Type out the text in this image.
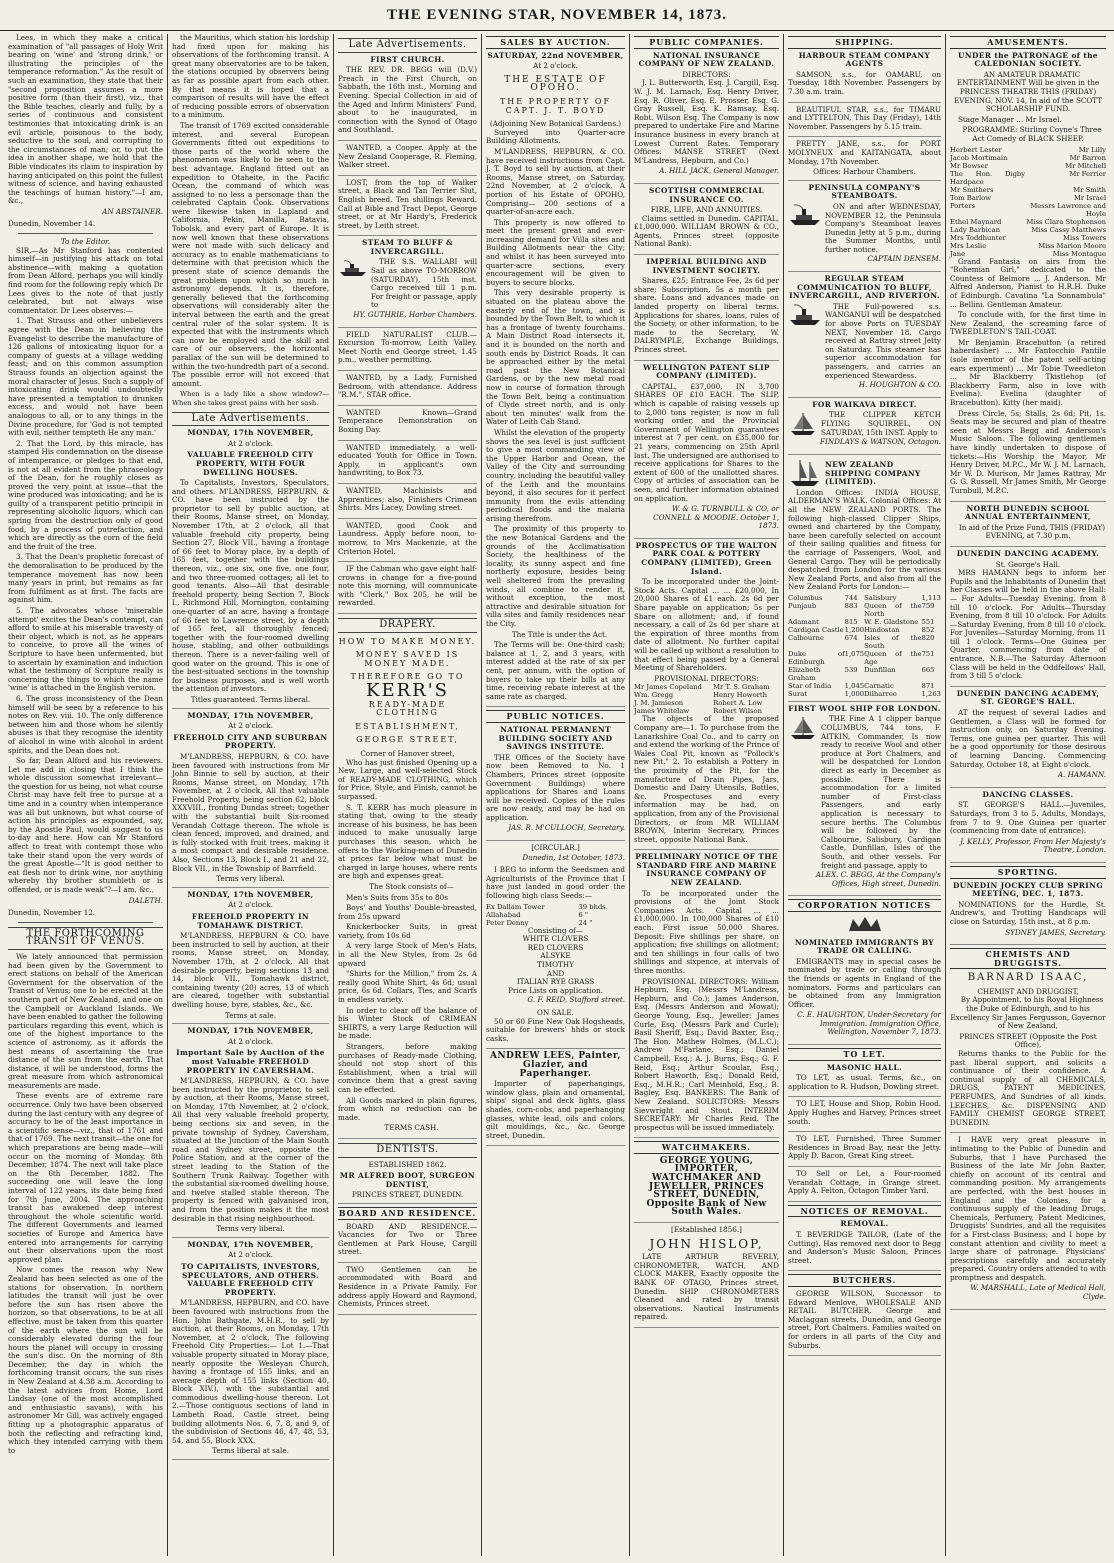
THE EVENING STAR, NOVEMBER 14, 1873.

Lees, in which they make a critical examination of "all passages of Holy Writ bearing on 'wine' and 'strong drink,' or illustrating the principles of the temperance reformation." As the result of such an examination, they state that their "second proposition assumes a more positive form (than their first), viz., that the Bible teaches, clearly and fully, by a series of continuous and consistent testimonies that intoxicating drink is an evil article, poisonous to the body, seductive to the soul, and corrupting to the circumstances of man; or, to put the idea in another shape, we hold that the Bible vindicates its claim to inspiration by having anticipated on this point the fullest witness of science, and having exhausted the teachings of human history."—I am, &c.,

AN ABSTAINER.
Dunedin, November 14.
To the Editor.

SIR,—As Mr Stanford has contented himself—in justifying his attack on total abstinence—with making a quotation from Dean Alford, perhaps you will kindly find room for the following reply which Dr Lees gives to the note of that justly celebrated, but not always wise commentator. Dr Lees observes:—

1. That Strauss and other unbelievers agree with the Dean in believing the Evangelist to describe the manufacture of 126 gallons of intoxicating liquor for a company of guests at a village wedding feast; and on this common assumption Strauss founds an objection against the moral character of Jesus. Such a supply of intoxicating drink would undoubtedly have presented a temptation to drunken excess, and would not have been analogous to all, or to any things in the Divine procedure, for 'God is not tempted with evil, neither tempteth He any man.'

2. That the Lord, by this miracle, has stamped His condemnation on the disease of intemperance, or pledges to that end, is not at all evident from the phraseology of the Dean, for he roughly closes as proved the very point at issue—that the wine produced was intoxicating; and he is guilty of a transparent petitio principii in representing alcoholic liquors, which can spring from the destruction only of good food, by a process of putrefaction, and which are directly as the corn of the field and the fruit of the tree.

3. That the Dean's prophetic forecast of the demoralisation to be produced by the temperance movement has now been many years in print, but remains as far from fulfilment as at first. The facts are against him.

5. The advocates whose 'miserable attempt' excites the Dean's contempt, can afford to smile at his miserable travesty of their object, which is not, as he appears to conceive, to prove all the wines of Scripture to have been unfermented, but to ascertain by examination and induction what the testimony of Scripture really is concerning the things to which the name 'wine' is attached in the English version.

6. The gross inconsistency of the Dean himself will be seen by a reference to his notes on Rev. viii. 10. The only difference between him and those whom he silently abuses is that they recognise the identity of alcohol in wine with alcohol in ardent spirits, and the Dean does not.

So far, Dean Alford and his reviewers. Let me add in closing that I think the whole discussion somewhat irrelevant—the question for us being, not what course Christ may have felt free to pursue at a time and in a country when intemperance was all but unknown, but what course of action his principles as expounded, say, by the Apostle Paul, would suggest to us to-day and here. How can Mr Stanford affect to treat with contempt those who take their stand upon the very words of the great Apostle—"It is good neither to eat flesh nor to drink wine, nor anything whereby thy brother stumbleth or is offended, or is made weak"?—I am, &c.,

DALETH.
Dunedin, November 12.
THE FORTHCOMING TRANSIT OF VENUS.

We lately announced that permission had been given by the Government to erect stations on behalf of the American Government for the observation of the Transit of Venus; one to be erected at the southern part of New Zealand, and one on the Campbell or Auckland Islands. We have been enabled to gather the following particulars regarding this event, which is one of the highest importance to the science of astronomy, as it affords the best means of ascertaining the true distance of the sun from the earth. That distance, it will be understood, forms the great measure from which astronomical measurements are made.

These events are of extreme rare occurrence. Only two have been observed during the last century with any degree of accuracy to be of the least importance in a scientific sense—viz., that of 1761 and that of 1769. The next transit—the one for which preparations are being made—will occur on the morning of Monday, 8th December, 1874. The next will take place on the 6th December, 1882. The succeeding one will leave the long interval of 122 years, its date being fixed for 7th June, 2004. The approaching transit has awakened deep interest throughout the whole scientific world. The different Governments and learned societies of Europe and America have entered into arrangements for carrying out their observations upon the most approved plan.

Now comes the reason why New Zealand has been selected as one of the stations for observation. In northern latitudes the transit will just be over before the sun has risen above the horizon, so that observations, to be at all effective, must be taken from this quarter of the earth where the sun will be considerably elevated during the four hours the planet will occupy in crossing the sun's disc. On the morning of 8th December, the day in which the forthcoming transit occurs, the sun rises in New Zealand at 4.38 a.m. According to the latest advices from Home, Lord Lindsay (one of the most accomplished and enthusiastic savans), with his astronomer Mr Gill, was actively engaged fitting up a photographic apparatus of both the reflecting and refracting kind, which they intended carrying with them to

the Mauritius, which station his lordship had fixed upon for making his observations of the forthcoming transit. A great many observatories are to be taken, the stations occupied by observers being as far as possible apart from each other. By that means it is hoped that a comparison of results will have the effect of reducing possible errors of observation to a minimum.

The transit of 1769 excited considerable interest, and several European Governments fitted out expeditions to those parts of the world where the phenomenon was likely to be seen to the best advantage. England fitted out an expedition to Otaheite, in the Pacific Ocean, the command of which was assigned to no less a personage than the celebrated Captain Cook. Observations were likewise taken in Lapland and California, Pekin, Manilla, Batavia, Tobolsk, and every part of Europe. It is now well known that these observations were not made with such delicacy and accuracy as to enable mathematicians to determine with that precision which the present state of science demands the great problem upon which so much in astronomy depends. It is, therefore, generally believed that the forthcoming observations will considerably alter the interval between the earth and the great central ruler of the solar system. It is expected that with the instruments which can now be employed and the skill and care of our observers, the horizontal parallax of the sun will be determined to within the two-hundredth part of a second. The possible error will not exceed that amount.

When is a lady like a show window?—When she takes great pains with her sash.

Late Advertisements.
MONDAY, 17th NOVEMBER,
At 2 o'clock.
VALUABLE FREEHOLD CITY PROPERTY, WITH FOUR DWELLING HOUSES.

To Capitalists, Investors, Speculators, and others. M'LANDRESS, HEPBURN, & CO. have been instructed by the proprietor to sell by public auction, at their Rooms, Manse street, on Monday, November 17th, at 2 o'clock, all that valuable freehold city property, being Section 27, Block VII., having a frontage of 66 feet to Moray place, by a depth of 165 feet, together with the buildings thereon, viz., one six, one five, one four, and two three-roomed cottages; all let to good tenants. Also—All that desirable freehold property, being Section 7, Block I., Richmond Hill, Mornington, containing one-quarter of an acre, having a frontage of 66 feet to Lawrence street, by a depth of 165 feet, all thoroughly fenced; together with the four-roomed dwelling house, stabling, and other outbuildings thereon. There is a never-failing well of good water on the ground. This is one of the best-situated sections in the township for business purposes, and is well worth the attention of investors.

Titles guaranteed. Terms liberal.
MONDAY, 17th NOVEMBER,
At 2 o'clock.
FREEHOLD CITY AND SUBURBAN PROPERTY.

M'LANDRESS, HEPBURN, & CO. have been favoured with instructions from Mr John Binnie to sell by auction, at their Rooms, Manse street, on Monday, 17th November, at 2 o'clock, All that valuable Freehold Property, being section 62, block XXXVIII., fronting Dundas street; together with the substantial built Six-roomed Verandah Cottage thereon. The whole is clean fenced, improved, and drained, and is fully stocked with fruit trees, making it a most compact and desirable residence. Also, Sections 13, Block I., and 21 and 22, Block VII., in the Township of Barrfield.

Terms very liberal.
MONDAY, 17th NOVEMBER,
At 2 o'clock.
FREEHOLD PROPERTY IN TOMAHAWK DISTRICT.

M'LANDRESS, HEPBURN & CO. have been instructed to sell by auction, at their rooms, Manse street, on Monday, November 17th, at 2 o'clock, All that desirable property, being sections 13 and 14, block VII., Tomahawk district, containing twenty (20) acres, 13 of which are cleared, together with substantial dwelling house, byre, stables, &c., &c.

Terms at sale.
MONDAY, 17th NOVEMBER,
At 2 o'clock.
Important Sale by Auction of the most Valuable FREEHOLD PROPERTY IN CAVERSHAM.

M'LANDRESS, HEPBURN, & CO. have been instructed by the proprietor, to sell by auction, at their Rooms, Manse street, on Monday, 17th November, at 2 o'clock, All that very valuable freehold property, being sections six and seven, in the private township of Sydney, Caversham, situated at the Junction of the Main South road and Sydney street, opposite the Police Station, and at the corner of the street leading to the Station of the Southern Trunk Railway. Together with the substantial six-roomed dwelling house, and twelve stalled stable thereon. The property is fenced with galvanised iron, and from the position makes it the most desirable in that rising neighbourhood.

Terms very liberal.
MONDAY, 17th NOVEMBER,
At 2 o'clock.
TO CAPITALISTS, INVESTORS, SPECULATORS, AND OTHERS. VALUABLE FREEHOLD CITY PROPERTY.

M'LANDRESS, HEPBURN, and CO. have been favoured with instructions from the Hon. John Bathgate, M.H.R., to sell by auction, at their Rooms, on Monday, 17th November, at 2 o'clock, The following Freehold City Properties:— Lot 1.—That valuable property situated in Moray place, nearly opposite the Wesleyan Church, having a frontage of 155 links, and an average depth of 155 links (Section 40, Block XIV.), with the substantial and commodious dwelling-house thereon. Lot 2.—Those contiguous sections of land in Lambeth Road, Castle street, being building allotments Nos. 6, 7, 8, and 9, of the subdivision of Sections 46, 47, 48, 53, 54, and 55, Block XXX.

Terms liberal at sale.
Late Advertisements.
FIRST CHURCH.

THE REV. DR. BEGG will (D.V.) Preach in the First Church, on Sabbath, the 16th inst., Morning and Evening. Special Collection in aid of the Aged and Infirm Ministers' Fund, about to be inaugurated, in connection with the Synod of Otago and Southland.

WANTED, a Cooper. Apply at the New Zealand Cooperage, R. Fleming, Walker street.

LOST, from the top of Walker street, a Black and Tan Terrier Slut, English breed. Ten shillings Reward. Call at Bible and Tract Depot, George street, or at Mr Hardy's, Frederick street, by Leith street.

STEAM TO BLUFF & INVERCARGILL.

THE S.S. WALLABI will Sail as above TO-MORROW (SATURDAY), 15th inst. Cargo received till 1 p.m. For freight or passage, apply to

HY. GUTHRIE, Harbor Chambers.

FIELD NATURALIST CLUB.—Excursion To-morrow, Leith Valley. Meet North end George street, 1.45 p.m., weather permitting.

WANTED, by a Lady, Furnished Bedroom, with attendance. Address "R.M.", STAR office.

WANTED Known—Grand Temperance Demonstration on Boxing Day.

WANTED immediately, a well-educated Youth for Office in Town. Apply, in applicant's own handwriting, to Box 73.

WANTED, Machinists and Apprentices; also, Finishers Crimean Shirts. Mrs Lacey, Dowling street.

WANTED, good Cook and Laundress. Apply before noon, to-morrow, to Mrs Mackenzie, at the Criterion Hotel.

IF the Cabman who gave eight half-crowns in change for a five-pound note this morning, will communicate with "Clerk," Box 205, he will be rewarded.

DRAPERY.
HOW TO MAKE MONEY.
MONEY SAVED IS MONEY MADE.
THEREFORE GO TO
KERR'S
READY-MADE CLOTHING
ESTABLISHMENT,
GEORGE STREET,
Corner of Hanover street,

Who has just finished Opening up a New, Large, and well-selected Stock of READY-MADE CLOTHING, which for Price, Style, and Finish, cannot be surpassed.

S. T. KERR has much pleasure in stating that, owing to the steady increase of his business, he has been induced to make unusually large purchases this season, which he offers to the Working-men of Dunedin at prices far below what must be charged in large houses, where rents are high and expenses great.

The Stock consists of—

Men's Suits from 35s to 80s

Boys' and Youths' Double-breasted, from 25s upward

Knickerbocker Suits, in great variety, from 10s 6d

A very large Stock of Men's Hats, in all the New Styles, from 2s 6d upward

"Shirts for the Million," from 2s. A really good White Shirt, 4s 6d; usual price, 6s 6d. Collars, Ties, and Scarfs in endless variety.

In order to clear off the balance of his Winter Stock of CRIMEAN SHIRTS, a very Large Reduction will be made.

Strangers, before making purchases of Ready-made Clothing, should not stop short of this Establishment, when a trial will convince them that a great saving can be effected.

All Goods marked in plain figures, from which no reduction can be made.

TERMS CASH.

DENTISTS.
ESTABLISHED 1862.
MR ALFRED BOOT, SURGEON DENTIST,
PRINCES STREET, DUNEDIN.
BOARD AND RESIDENCE.

BOARD AND RESIDENCE.—Vacancies for Two or Three Gentlemen at Park House, Cargill street.

TWO Gentlemen can be accommodated with Board and Residence in a Private Family. For address apply Howard and Raymond, Chemists, Princes street.

SALES BY AUCTION.
SATURDAY, 22nd NOVEMBER,
At 2 o'clock.
THE ESTATE OF OPOHO.
THE PROPERTY OF CAPT. J. T. BOYD
(Adjoining New Botanical Gardens.)

Surveyed into Quarter-acre Building Allotments.

M'LANDRESS, HEPBURN, & CO. have received instructions from Capt. J. T. Boyd to sell by auction, at their Rooms, Manse street, on Saturday, 22nd November, at 2 o'clock, A portion of his Estate of OPOHO, Comprising— 200 sections of a quarter-of-an-acre each.

This property is now offered to meet the present great and ever-increasing demand for Villa sites and Building Allotments near the City; and whilst it has been surveyed into quarter-acre sections, every encouragement will be given to buyers to secure blocks.

This very desirable property is situated on the plateau above the easterly end of the town, and is bounded by the Town Belt, to which it has a frontage of twenty fourchains. A Main District Road intersects it, and it is bounded on the north and south ends by District Roads. It can be approached either by the metal road past the New Botanical Gardens, or by the new metal road now in course of formation through the Town Belt, being a continuation of Clyde street north, and is only about ten minutes' walk from the Water of Leith Cab Stand.

Whilst the elevation of the property shows the sea level is just sufficient to give a most commanding view of the Upper Harbor and Ocean, the Valley of the City and surrounding country, including the beautiful valley of the Leith and the mountains beyond, it also secures for it perfect immunity from the evils attending periodical floods and the malaria arising therefrom.

The proximity of this property to the new Botanical Gardens and the grounds of the Acclimatisation Society, the healthiness of the locality, its sunny aspect and fine northerly exposure, besides being well sheltered from the prevailing winds, all combine to render it, without exception, the most attractive and desirable situation for villa sites and family residences near the City.

The Title is under the Act.

The Terms will be: One-third cash; balance at 1, 2, and 3 years, with interest added at the rate of six per cent, per annum, with the option of buyers to take up their bills at any time, receiving rebate interest at the same rate as charged.

PUBLIC NOTICES.
NATIONAL PERMANENT BUILDING SOCIETY AND SAVINGS INSTITUTE.

THE Offices of the Society have now been Removed to No. 1 Chambers, Princes street (opposite Government Buildings) where applications for Shares and Loans will be received. Copies of the rules are now ready, and may be had on application.

JAS. R. M'CULLOCH, Secretary.
[CIRCULAR.]
Dunedin, 1st October, 1873.

I BEG to inform the Seedsmen and Agriculturists of the Province that I have just landed in good order the following high class Seeds:—

Ex Dallam Tower	39 bhds.
Allahabad	6 "
Peter Denny	24 "
Consisting of—
WHITE CLOVERS
RED CLOVERS
ALSYKE
TIMOTHY
AND
ITALIAN RYE GRASS
Price Lists on application.
G. F. REID, Stafford street.
ON SALE.

50 or 60 Fine New Oak Hogsheads, suitable for brewers' hhds or stock casks.

ANDREW LEES, Painter, Glazier, and Paperhanger.

Importer of paperhangings, window glass, plain and ornamental, ships' signal and deck lights, glass shades, corn-cobs, and paperhanging glasses, white lead, oils and colors, gilt mouldings, &c., &c. George street, Dunedin.

PUBLIC COMPANIES.
NATIONAL INSURANCE COMPANY OF NEW ZEALAND.
DIRECTORS:

J. L. Butterworth, Esq. J. Cargill, Esq. W. J. M. Larnach, Esq. Henry Driver, Esq. R. Oliver, Esq. E. Prosser, Esq. G. Gray Russell, Esq. K. Ramsay, Esq. Robt. Wilson Esq. The Company is now prepared to undertake Fire and Marine Insurance business in every branch at Lowest Current Rates. Temporary Offices: MANSE STREET (Next M'Landress, Hepburn, and Co.)

A. HILL JACK, General Manager.
SCOTTISH COMMERCIAL INSURANCE CO.
FIRE, LIFE, AND ANNUITIES.

Claims settled in Dunedin. CAPITAL, £1,000,000. WILLIAM BROWN & CO., Agents, Princes street (opposite National Bank).

IMPERIAL BUILDING AND INVESTMENT SOCIETY.

Shares, £25; Entrance Fee, 2s 6d per share; Subscription, 5s a month per share. Loans and advances made on landed property on liberal terms. Applications for shares, loans, rules of the Society, or other information, to be made to the Secretary, W. DALRYMPLE, Exchange Buildings, Princes street.

WELLINGTON PATENT SLIP COMPANY (LIMITED).

CAPITAL, £37,000, IN 3,700 SHARES OF £10 EACH. The SLIP, which is capable of raising vessels up to 2,000 tons register, is now in full working order, and the Provincial Government of Wellington guarantees interest at 7 per cent. on £35,000 for 21 years, commencing on 25th April last. The undersigned are authorised to receive applications for Shares to the extent of 600 of the unallotted shares. Copy of articles of association can be seen, and further information obtained on application.

W. & G. TURNBULL & CO, or CONNELL & MOODIE. October 1, 1873.
PROSPECTUS OF THE WALTON PARK COAL & POTTERY COMPANY (LIMITED), Green Island.

To be incorporated under the Joint-Stock Acts. Capital ... ... £20,000, In 20,000 Shares of £1 each. 2s 6d per Share payable on application; 5s per Share on allotment; and, if found necessary, a call of 2s 6d per share at the expiration of three months from date of allotment. No further capital will be called up without a resolution to that effect being passed by a General Meeting of Shareholders.

PROVISIONAL DIRECTORS:
Mr James Copeland	Mr T. S. Graham
Wm. Gregg	Henry Howorth
J. M. Jamieson	Robert A. Low
James Whitelaw	Robert Wilson

The objects of the proposed Company are—1. To purchase from the Lanarkshire Coal Co., and to carry on and extend the working of the Prince of Wales Coal Pit, known as "Pollock's new Pit." 2. To establish a Pottery in the proximity of the Pit, for the manufacture of Drain Pipes, Jars, Domestic and Dairy Utensils, Bottles, &c. Prospectuses and every information may be had, on application, from any of the Provisional Directors, or from MR WILLIAM BROWN, Interim Secretary, Princes street, opposite National Bank.

PRELIMINARY NOTICE OF THE STANDARD FIRE AND MARINE INSURANCE COMPANY OF NEW ZEALAND.

To be incorporated under the provisions of the Joint Stock Companies Acts. Capital ... ... £1,000,000. In 100,000 Shares of £10 each. First issue 50,000 Shares. Deposit: Five shillings per share, on application; five shillings on allotment; and ten shillings in four calls of two shillings and sixpence, at intervals of three months.

PROVISIONAL DIRECTORS: William Hepburn, Esq. (Messrs M'Landress, Hepburn, and Co.); James Anderson, Esq. (Messrs Anderson and Mowat); George Young, Esq., Jeweller; James Curle, Esq. (Messrs Park and Curle); Basil Sheriff, Esq.; David Baxter, Esq.; The Hon. Mathew Holmes, (M.L.C.); Andrew M'Farlane, Esq.; Daniel Campbell, Esq.; A. J. Burns, Esq.; G. F. Reid, Esq.; Arthur Scoular, Esq.; Robert Haworth, Esq.; Donald Reid, Esq., M.H.R.; Carl Meinhold, Esq.; B. Bagley, Esq. BANKERS: The Bank of New Zealand. SOLICITORS: Messrs Sievwright and Stout. INTERIM SECRETARY: Mr Charles Reid. The prospectus will be issued immediately.

WATCHMAKERS.
GEORGE YOUNG, IMPORTER, WATCHMAKER AND JEWELLER, PRINCES STREET, DUNEDIN, Opposite Bank of New South Wales.
[Established 1856.]
JOHN HISLOP,

LATE ARTHUR BEVERLY, CHRONOMETER, WATCH, AND CLOCK MAKER, Exactly opposite the BANK OF OTAGO, Princes street, Dunedin. SHIP CHRONOMETERS Cleaned and rated by transit observations. Nautical Instruments repaired.

SHIPPING.
HARBOUR STEAM COMPANY AGENTS

SAMSON, s.s., for OAMARU, on Tuesday, 18th November. Passengers by 7.30 a.m. train.

BEAUTIFUL STAR, s.s., for TIMARU and LYTTELTON, This Day (Friday), 14th November. Passengers by 5.15 train.

PRETTY JANE, s.s., for PORT MOLYNEUX and KAITANGATA, about Monday, 17th November.

Offices: Harbour Chambers.
PENINSULA COMPANY'S STEAMBOATS.

ON and after WEDNESDAY, NOVEMBER 12, the Peninsula Company's Steamboat leaves Dunedin Jetty at 5 p.m., during the Summer Months, until further notice.

CAPTAIN DENSEM.
REGULAR STEAM COMMUNICATION TO BLUFF, INVERCARGILL, AND RIVERTON.

THE Full-powered s.s. WANGANUI will be despatched for above Ports on TUESDAY NEXT, November 18. Cargo received at Rattray street Jetty on Saturday. This steamer has superior accommodation for passengers, and carries an experienced Stewardess.

H. HOUGHTON & CO.
FOR WAIKAVA DIRECT.

THE CLIPPER KETCH FLYING SQUIRREL, ON SATURDAY, 15th INST. Apply to

FINDLAYS & WATSON, Octagon.
NEW ZEALAND SHIPPING COMPANY (LIMITED).

London Offices: INDIA HOUSE, ALDERMAN'S WALK. Colonial Offices: At all the NEW ZEALAND PORTS. The following high-classed Clipper Ships, owned and chartered by the Company, have been carefully selected on account of their sailing qualities and fitness for the carriage of Passengers, Wool, and General Cargo. They will be periodically despatched from London for the various New Zealand Ports, and also from all the New Zealand Ports for London:—

Columbus	744	Salisbury	1,113
Punjaub	883	Queen of the North	759
Adamant	815	W. E. Gladstone	551
Cardigan Castle	1,200	Hindostan	852
Calbourne	674	Isles of the South	820
Duke of Edinburgh	1,075	Queen of the Age	751
Elizabeth Graham	539	Dunfillan	665
Star of India	1,045	Carnatic	871
Surat	1,000	Dilharree	1,263
FIRST WOOL SHIP FOR LONDON.

THE Fine A 1 clipper barque COLUMBUS, 744 tons, F. AITKIN, Commander, Is now ready to receive Wool and other produce at Port Chalmers, and will be despatched for London direct as early in December as possible. There is accommodation for a limited number of First-class Passengers, and early application is necessary to secure berths. The Columbus will be followed by the Calbourne, Salisbury, Cardigan Castle, Dunfillan, Isles of the South, and other vessels. For freight and passage, apply to

ALEX. C. BEGG, At the Company's Offices, High street, Dunedin.
CORPORATION NOTICES
NOMINATED IMMIGRANTS BY TRADE OR CALLING.

EMIGRANTS may in special cases be nominated by trade or calling through the friends or agents in England of the nominators. Forms and particulars can be obtained from any Immigration Officer.

C. E. HAUGHTON, Under-Secretary for Immigration. Immigration Office, Wellington, November 7, 1873.
TO LET.
MASONIC HALL.

TO LET, as usual. Terms, &c., on application to R. Hudson, Dowling street.

TO LET, House and Shop, Robin Hood. Apply Hughes and Harvey, Princes street south.

TO LET, Furnished, Three Summer Residences in Broad Bay, near the Jetty. Apply D. Bacon, Great King street.

TO Sell or Let, a Four-roomed Verandah Cottage, in Grange street. Apply A. Felton, Octagon Timber Yard.

NOTICES OF REMOVAL.
REMOVAL.

T. BEVERIDGE TAILOR, (Late of the Cutting), Has removed next door to Begg and Anderson's Music Saloon, Princes street.

BUTCHERS.

GEORGE WILSON, Successor to Edward Menlove, WHOLESALE AND RETAIL BUTCHER, George and Maclaggan streets, Dunedin, and George street, Port Chalmers. Families waited on for orders in all parts of the City and Suburbs.

AMUSEMENTS.
UNDER the PATRONAGE of the CALEDONIAN SOCIETY.

AN AMATEUR DRAMATIC ENTERTAINMENT Will be given in the PRINCESS THEATRE THIS (FRIDAY) EVENING, NOV. 14, In aid of the SCOTT SCHOLARSHIP FUND.

Stage Manager ... Mr Israel.

PROGRAMME: Stirling Coyne's Three Act Comedy of BLACK SHEEP.

Herbert Lester	Mr Lilly
Jacob Mortimain	Mr Barron
Mr Bowser	Mr Mitchell
The Hon. Digby Hardpace	Mr Ferrier
Mr Smithers	Mr Smith
Tom Barlow	Mr Israel
Porters	Messrs Lawrence and Hoyle
Ethel Maynard	Miss Clara Stephenson
Lady Barbican	Miss Cassy Matthews
Mrs Toddhunter	Miss Towers
Mrs Leslie	Miss Marion Moore
Jane	Miss Montague

Grand Fantasia on airs from the "Bohemian Girl," dedicated to the Countess of Belmore ... J. Anderson. Mr Alfred Anderson, Pianist to H.R.H. Duke of Edinburgh. Cavatina "La Sonnambula" ... Bellini. Gentleman Amateur.

To conclude with, for the first time in New Zealand, the screaming farce of TWEEDLETON'S TAIL-COAT.

Mr Benjamin Bracebutton (a retired haberdasher) ... Mr Fantocchio Pantile (sole inventor of the patent self-acting ears experiment) ... Mr Tobie Tweedleton ... Mr Blackberry Tkistlehop (of Blackberry Farm, also in love with Evelina). Evelina (daughter of Bracebutton). Kitty (her maid).

Dress Circle, 5s; Stalls, 2s 6d; Pit, 1s. Seats may be secured and plan of theatre seen at Messrs Begg and Anderson's Music Saloon. The following gentlemen have kindly undertaken to dispose of tickets:—His Worship the Mayor, Mr Henry Driver, M.P.C., Mr W. J. M. Larnach, Mr W. D. Murison, Mr James Rattray, Mr G. G. Russell, Mr James Smith, Mr George Turnbull, M.P.C.

NORTH DUNEDIN SCHOOL ANNUAL ENTERTAINMENT,

In aid of the Prize Fund, THIS (FRIDAY) EVENING, at 7.30 p.m.

DUNEDIN DANCING ACADEMY.
St. George's Hall.

MRS HAMANN begs to inform her Pupils and the Inhabitants of Dunedin that her Classes will be held in the above Hall:— For Adults—Tuesday Evening, from 8 till 10 o'clock. For Adults—Thursday Evening, from 8 till 10 o'clock. For Adults—Saturday Evening, from 8 till 10 o'clock. For Juveniles—Saturday Morning, from 11 till 1 o'clock. Terms—One Guinea per Quarter, commencing from date of entrance. N.B.—The Saturday Afternoon Class will be held in the Oddfellows' Hall, from 3 till 5 o'clock.

DUNEDIN DANCING ACADEMY, ST. GEORGE'S HALL.

AT the request of several Ladies and Gentlemen, a Class will be formed for instruction only, on Saturday Evening. Terms, one guinea per quarter. This will be a good opportunity for those desirous of learning Dancing. Commencing Saturday, October 18, at Eight o'clock.

A. HAMANN.
DANCING CLASSES.

ST. GEORGE'S HALL.—Juveniles, Saturdays, from 3 to 5. Adults, Mondays, from 7 to 9. One Guinea per quarter (commencing from date of entrance).

J. KELLY, Professor, From Her Majesty's Theatre, London.
SPORTING.
DUNEDIN JOCKEY CLUB SPRING MEETING, DEC. 1, 1873.

NOMINATIONS for the Hurdle, St. Andrew's, and Trotting Handicaps will close on Saturday, 15th inst., at 8 p.m.

SYDNEY JAMES, Secretary.
CHEMISTS AND DRUGGISTS.
BARNARD ISAAC,
CHEMIST AND DRUGGIST,

By Appointment, to his Royal Highness the Duke of Edinburgh, and to his Excellency Sir James Fergusson, Governor of New Zealand,

PRINCES STREET (Opposite the Post Office),

Returns thanks to the Public for the past liberal support, and solicits a continuance of their confidence. A continual supply of all CHEMICALS, DRUGS, PATENT MEDICINES, PERFUMES, And Sundries of all kinds. LEECHES, &c. DISPENSING AND FAMILY CHEMIST GEORGE STREET, DUNEDIN.

I HAVE very great pleasure in intimating to the Public of Dunedin and Suburbs, that I have Purchased the Business of the late Mr John Baxter, chiefly on account of its central and commanding position. My arrangements are perfected, with the best houses in England and the Colonies, for a continuous supply of the leading Drugs, Chemicals, Perfumery, Patent Medicines, Druggists' Sundries, and all the requisites for a First-class Business; and I hope by constant attention and civility to meet a large share of patronage. Physicians' prescriptions carefully and accurately prepared. Country orders attended to with promptness and despatch.

W. MARSHALL, Late of Medical Hall, Clyde.
